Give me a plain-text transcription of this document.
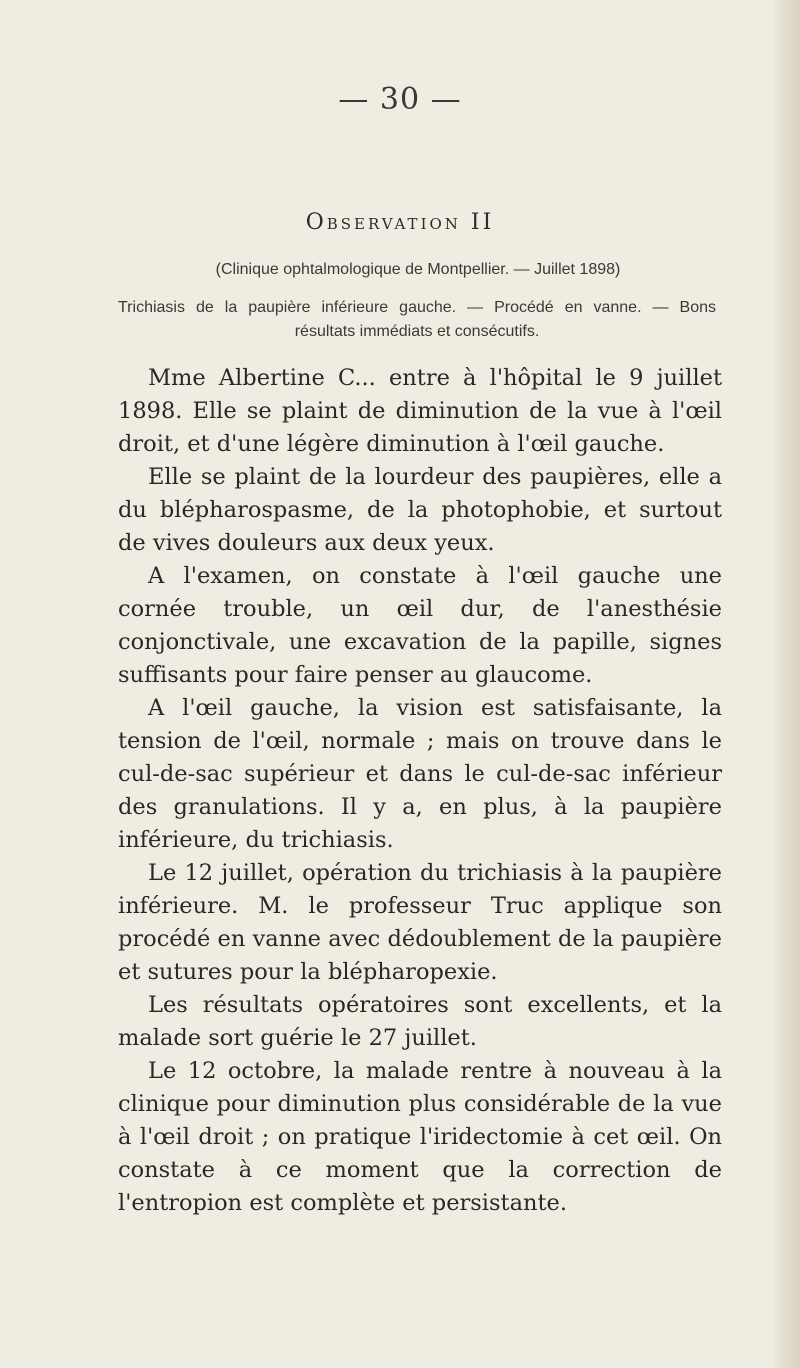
— 30 —
Observation II
(Clinique ophtalmologique de Montpellier. — Juillet 1898)
Trichiasis de la paupière inférieure gauche. — Procédé en vanne. — Bons
résultats immédiats et consécutifs.

Mme Albertine C... entre à l'hôpital le 9 juillet 1898. Elle se plaint de diminution de la vue à l'œil droit, et d'une légère diminution à l'œil gauche.

Elle se plaint de la lourdeur des paupières, elle a du blépharospasme, de la photophobie, et surtout de vives douleurs aux deux yeux.

A l'examen, on constate à l'œil gauche une cornée trouble, un œil dur, de l'anesthésie conjonctivale, une excavation de la papille, signes suffisants pour faire penser au glaucome.

A l'œil gauche, la vision est satisfaisante, la tension de l'œil, normale ; mais on trouve dans le cul-de-sac supérieur et dans le cul-de-sac inférieur des granulations. Il y a, en plus, à la paupière inférieure, du trichiasis.

Le 12 juillet, opération du trichiasis à la paupière inférieure. M. le professeur Truc applique son procédé en vanne avec dédoublement de la paupière et sutures pour la blépharopexie.

Les résultats opératoires sont excellents, et la malade sort guérie le 27 juillet.

Le 12 octobre, la malade rentre à nouveau à la clinique pour diminution plus considérable de la vue à l'œil droit ; on pratique l'iridectomie à cet œil. On constate à ce moment que la correction de l'entropion est complète et persistante.
